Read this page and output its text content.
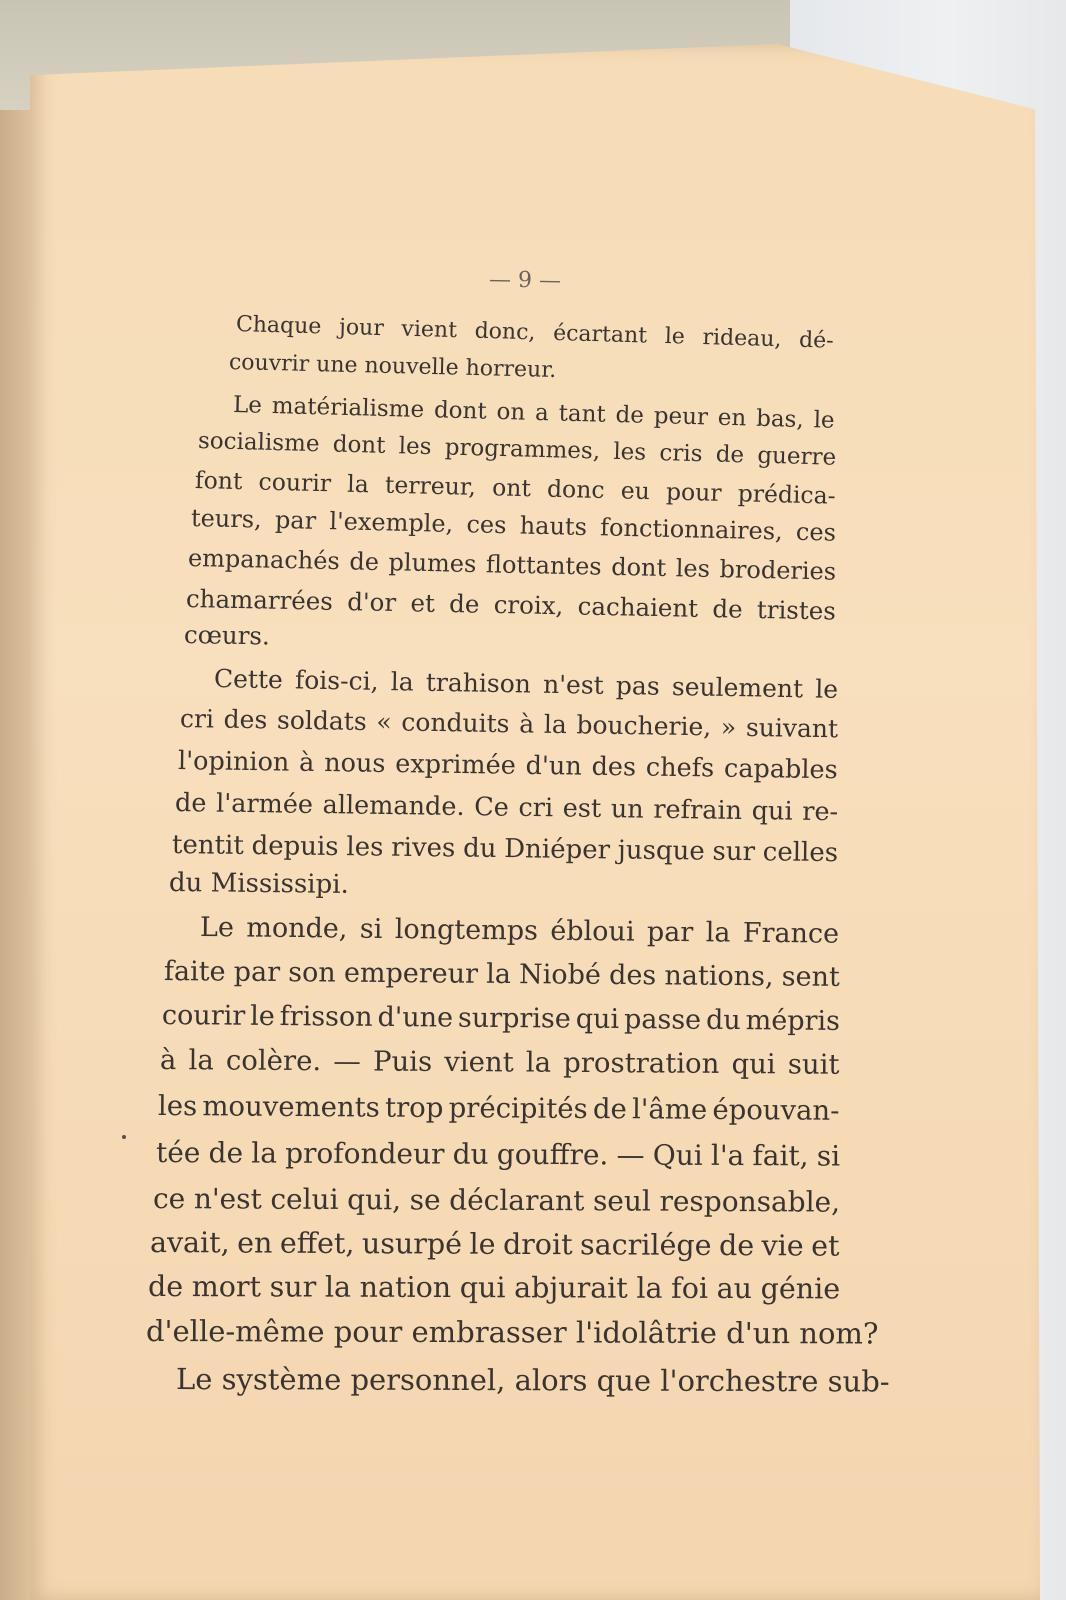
— 9 —
Chaque jour vient donc, écartant le rideau, dé-
couvrir une nouvelle horreur.
Le matérialisme dont on a tant de peur en bas, le
socialisme dont les programmes, les cris de guerre
font courir la terreur, ont donc eu pour prédica-
teurs, par l'exemple, ces hauts fonctionnaires, ces
empanachés de plumes flottantes dont les broderies
chamarrées d'or et de croix, cachaient de tristes
cœurs.
Cette fois-ci, la trahison n'est pas seulement le
cri des soldats « conduits à la boucherie, » suivant
l'opinion à nous exprimée d'un des chefs capables
de l'armée allemande. Ce cri est un refrain qui re-
tentit depuis les rives du Dniéper jusque sur celles
du Mississipi.
Le monde, si longtemps ébloui par la France
faite par son empereur la Niobé des nations, sent
courir le frisson d'une surprise qui passe du mépris
à la colère. — Puis vient la prostration qui suit
les mouvements trop précipités de l'âme épouvan-
tée de la profondeur du gouffre. — Qui l'a fait, si
ce n'est celui qui, se déclarant seul responsable,
avait, en effet, usurpé le droit sacrilége de vie et
de mort sur la nation qui abjurait la foi au génie
d'elle-même pour embrasser l'idolâtrie d'un nom?
Le système personnel, alors que l'orchestre sub-
